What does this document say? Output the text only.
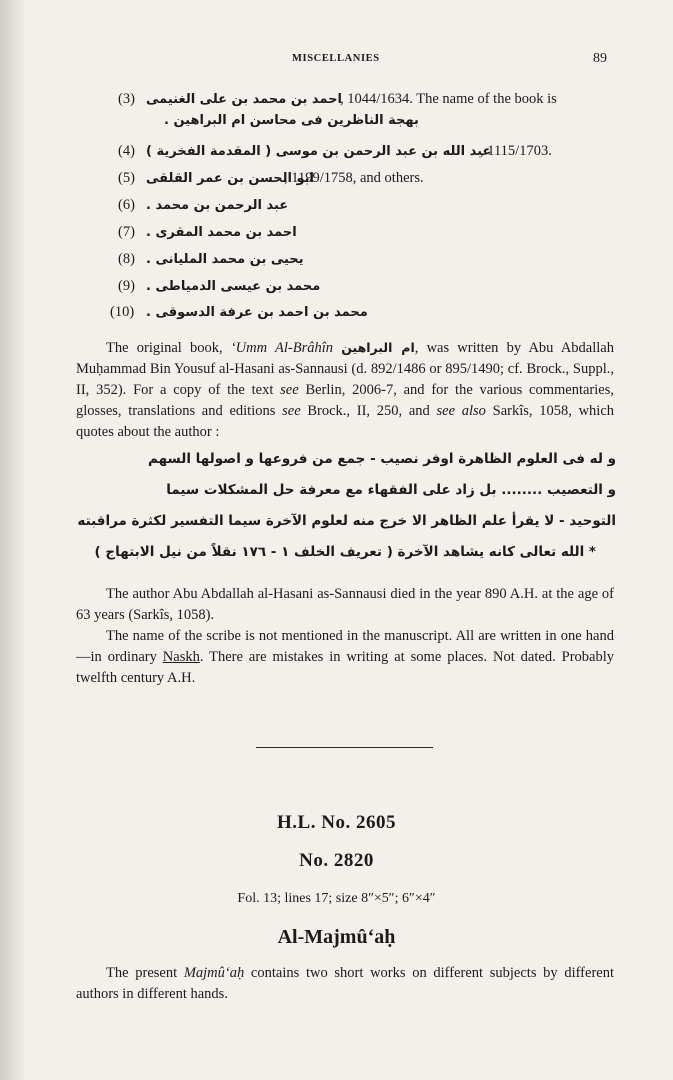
MISCELLANIES	89
(3) احمد بن محمد بن على الغنيمى
, 1044/1634. The name of the book is
بهجة الناظرين فى محاسن ام البراهين .
(4) عبد الله بن عبد الرحمن بن موسى ( المقدمة الفخرية )
, 1115/1703.
(5) ابو الحسن بن عمر القلقى
, 1199/1758, and others.
(6) عبد الرحمن بن محمد .
(7) احمد بن محمد المقرى .
(8) يحيى بن محمد المليانى .
(9) محمد بن عيسى الدمياطى .
(10) محمد بن احمد بن عرفة الدسوقى .
The original book, ‘Umm Al-Brâhîn ام البراهين, was written by Abu Abdallah Muḥammad Bin Yousuf al-Hasani as-Sannausi (d. 892/1486 or 895/1490; cf. Brock., Suppl., II, 352). For a copy of the text see Berlin, 2006-7, and for the various commentaries, glosses, translations and editions see Brock., II, 250, and see also Sarkîs, 1058, which quotes about the author :
و له فى العلوم الظاهرة اوفر نصيب - جمع من فروعها و اصولها السهم
و التعصيب ........ بل زاد على الفقهاء مع معرفة حل المشكلات سيما
التوحيد - لا يقرأ علم الظاهر الا خرج منه لعلوم الآخرة سيما التفسير لكثرة مراقبته
* الله تعالى كانه يشاهد الآخرة ( تعريف الخلف ١ - ١٧٦ نقلاً من نيل الابتهاج )
The author Abu Abdallah al-Hasani as-Sannausi died in the year 890 A.H. at the age of 63 years (Sarkîs, 1058).
The name of the scribe is not mentioned in the manuscript. All are written in one hand—in ordinary Naskh. There are mistakes in writing at some places. Not dated. Probably twelfth century A.H.
H.L. No. 2605
No. 2820
Fol. 13; lines 17; size 8″×5″; 6″×4″
Al-Majmû‘aḥ
The present Majmû‘aḥ contains two short works on different subjects by different authors in different hands.
